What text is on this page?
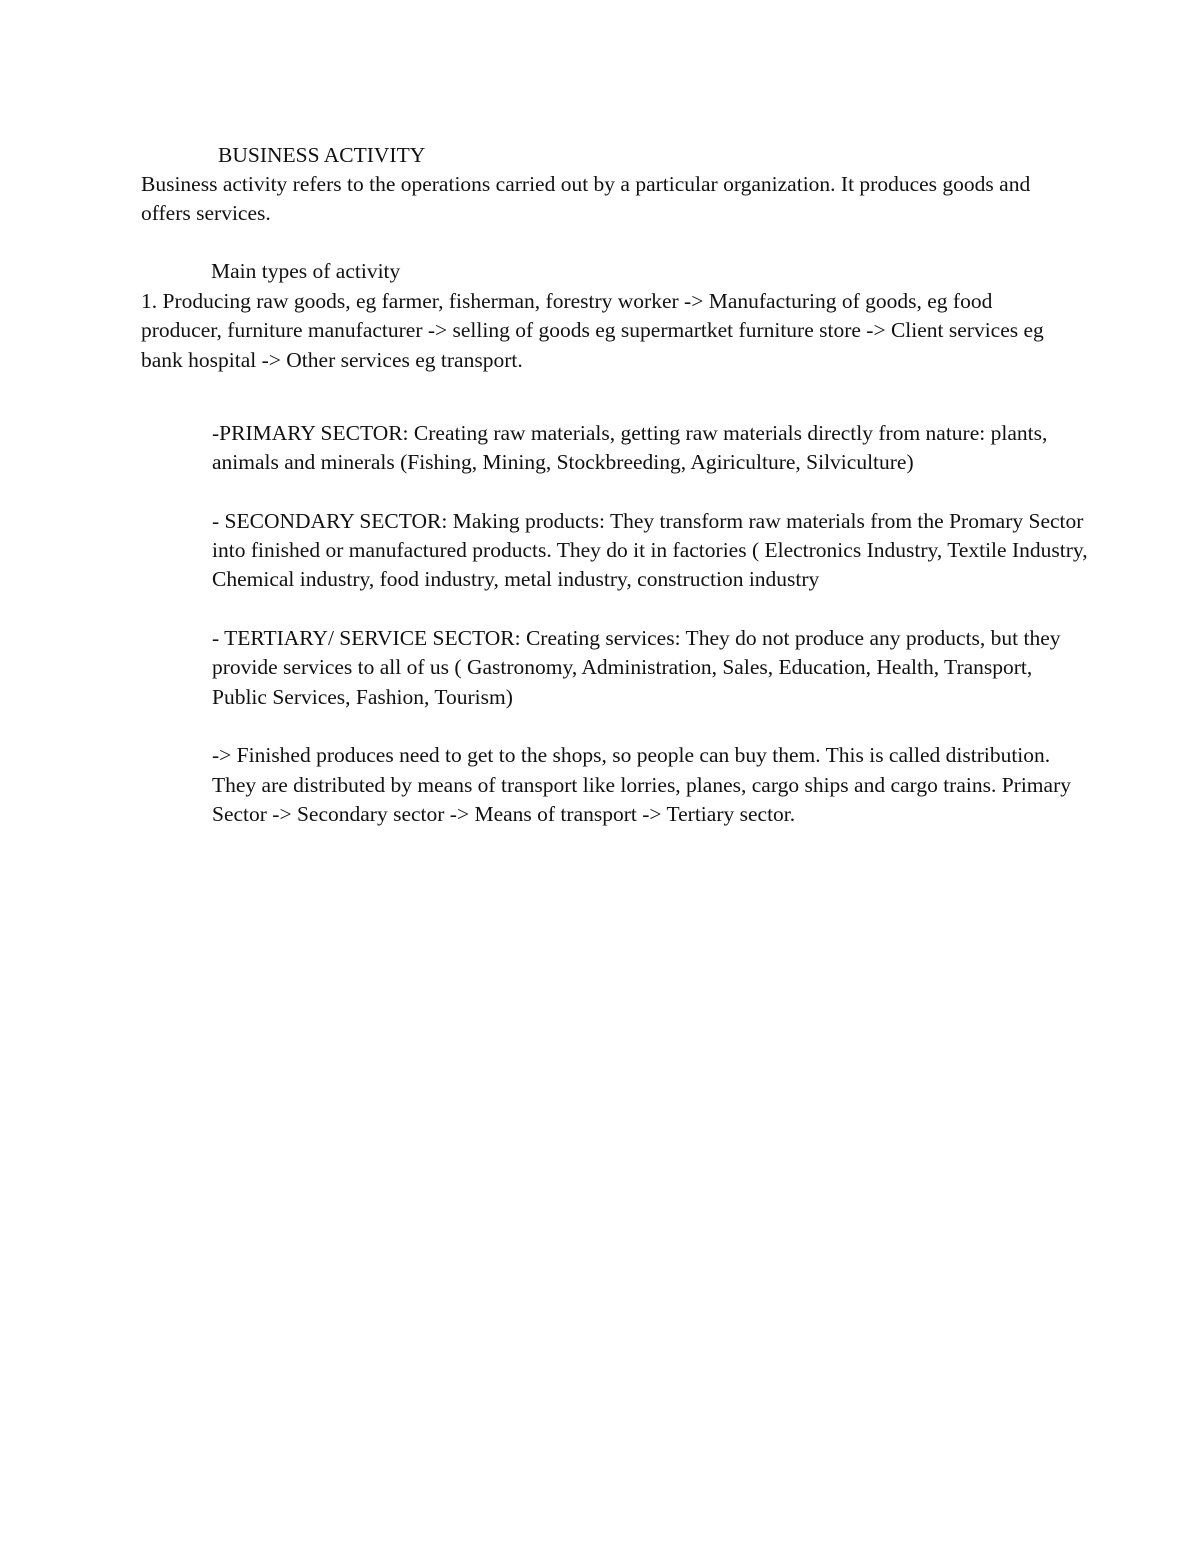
BUSINESS ACTIVITY
Business activity refers to the operations carried out by a particular organization. It produces goods and offers services.
Main types of activity
1. Producing raw goods, eg farmer, fisherman, forestry worker -> Manufacturing of goods, eg food producer, furniture manufacturer -> selling of goods eg supermartket furniture store -> Client services eg bank hospital -> Other services eg transport.
-PRIMARY SECTOR: Creating raw materials, getting raw materials directly from nature: plants, animals and minerals (Fishing, Mining, Stockbreeding, Agiriculture, Silviculture)
- SECONDARY SECTOR: Making products: They transform raw materials from the Promary Sector into finished or manufactured products. They do it in factories ( Electronics Industry, Textile Industry, Chemical industry, food industry, metal industry, construction industry
- TERTIARY/ SERVICE SECTOR: Creating services: They do not produce any products, but they provide services to all of us ( Gastronomy, Administration, Sales, Education, Health, Transport, Public Services, Fashion, Tourism)
-> Finished produces need to get to the shops, so people can buy them. This is called distribution. They are distributed by means of transport like lorries, planes, cargo ships and cargo trains. Primary Sector -> Secondary sector -> Means of transport -> Tertiary sector.
